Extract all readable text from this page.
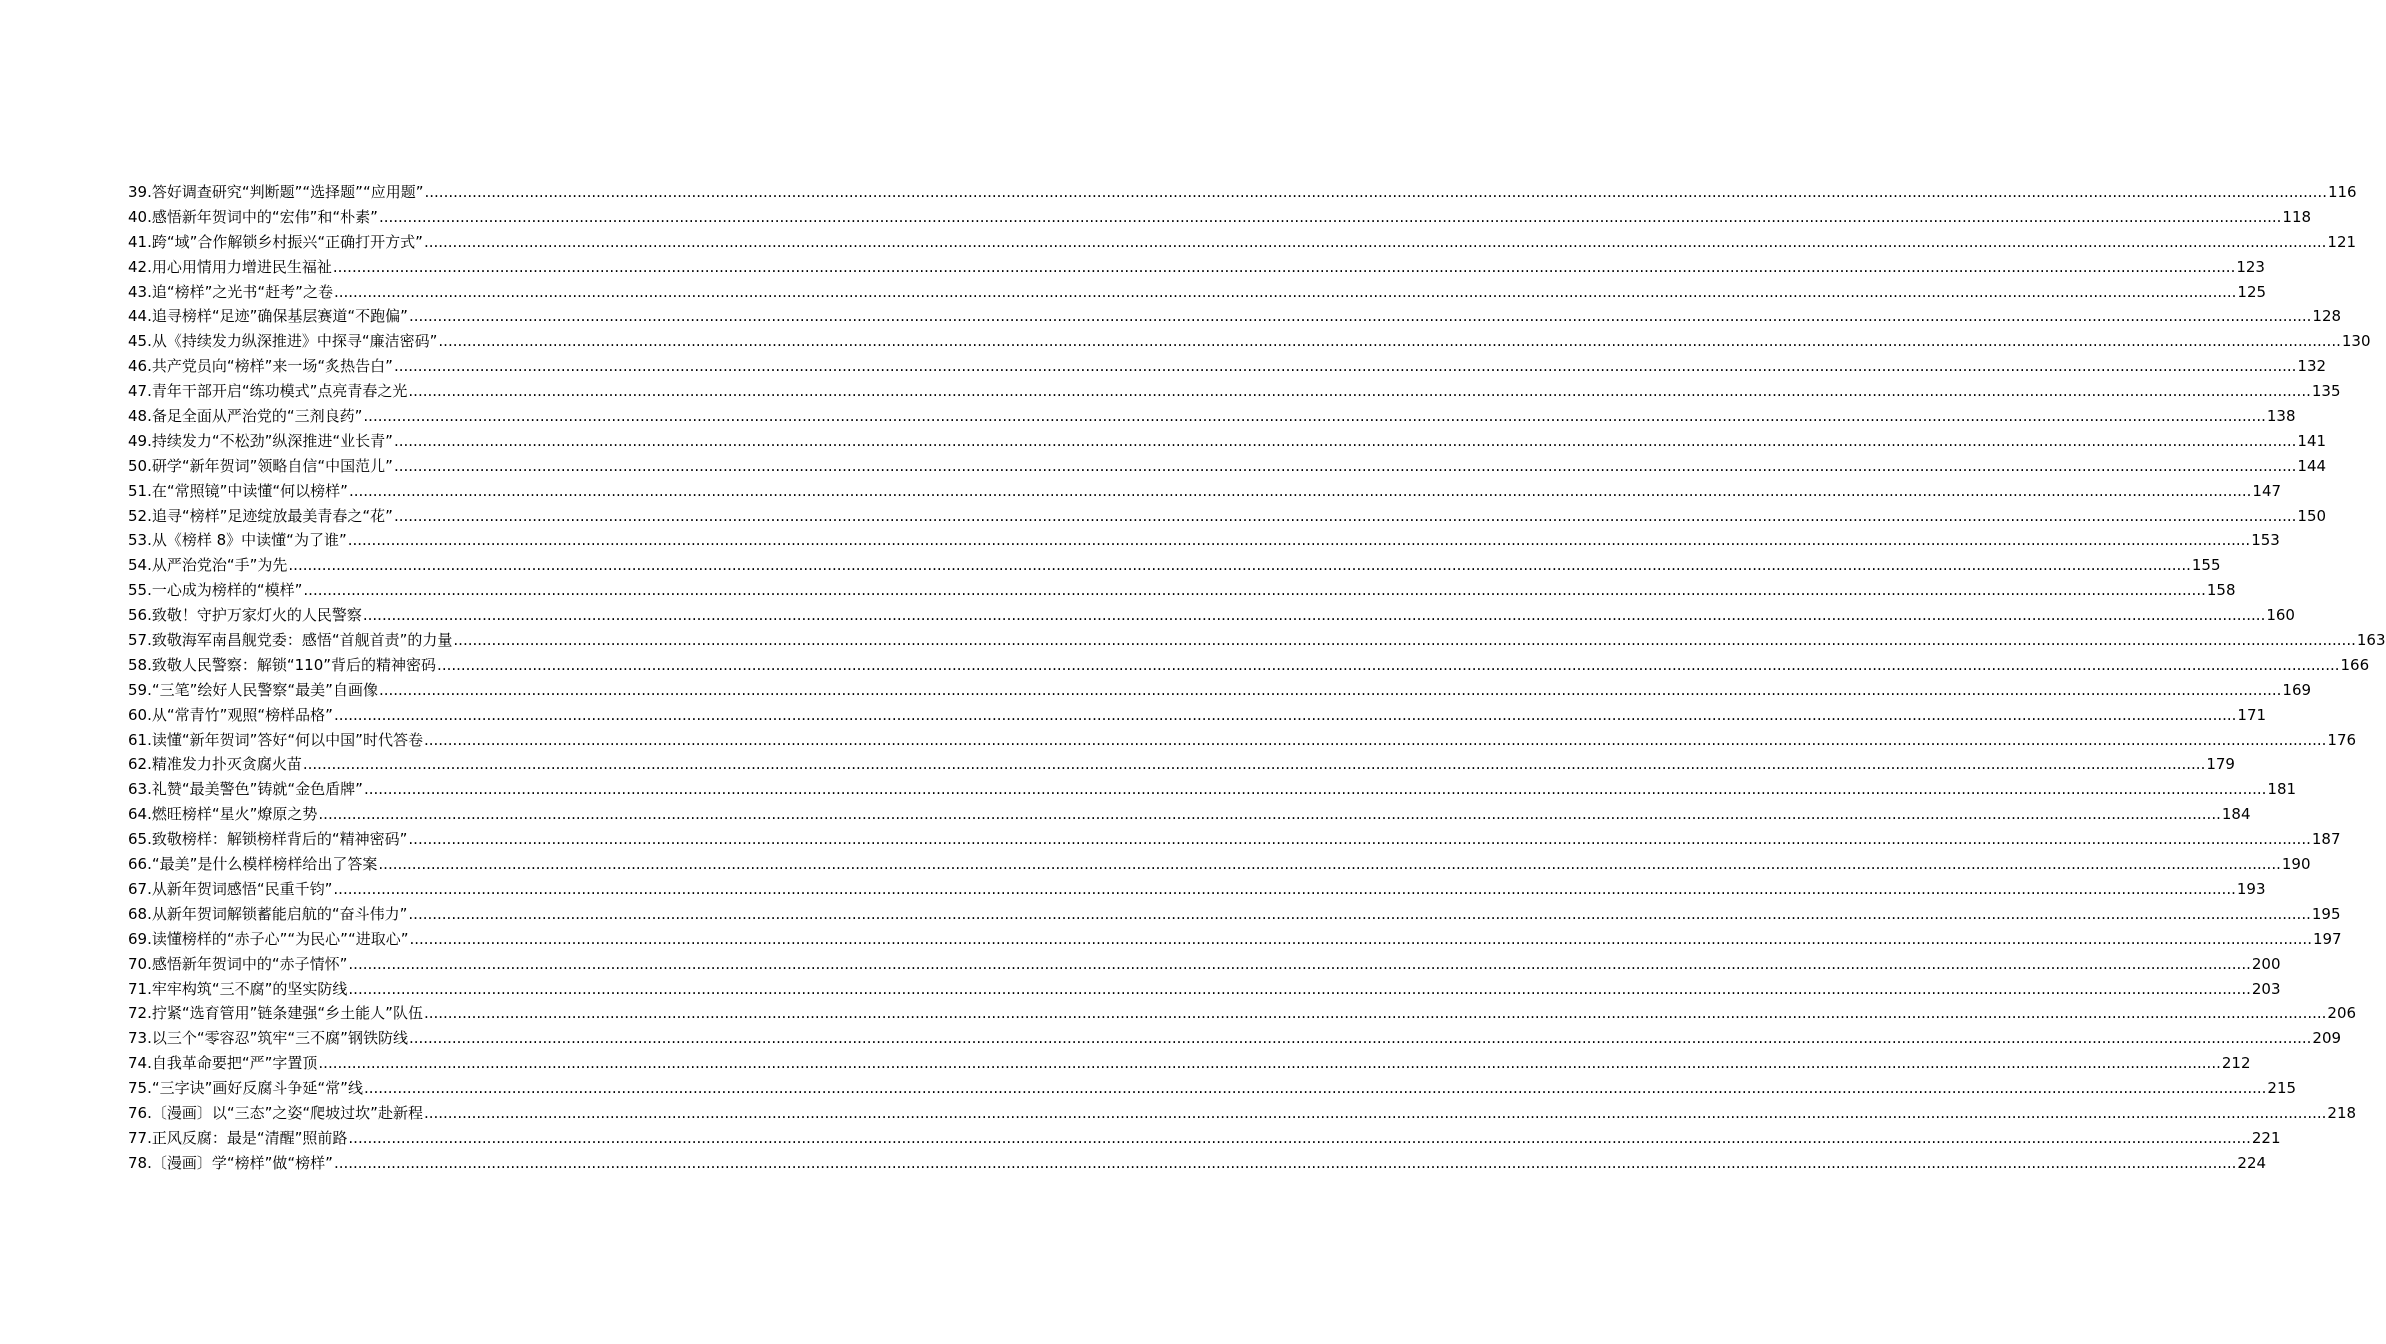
39. 答好调查研究“判断题”“选择题”“应用题” .....	116
40. 感悟新年贺词中的“宏伟”和“朴素” .....	118
41. 跨“域”合作解锁乡村振兴“正确打开方式” .....	121
42. 用心用情用力增进民生福祉 .....	123
43. 追“榜样”之光书“赶考”之卷 .....	125
44. 追寻榜样“足迹”确保基层赛道“不跑偏” .....	128
45. 从《持续发力纵深推进》中探寻“廉洁密码” .....	130
46. 共产党员向“榜样”来一场“炙热告白” .....	132
47. 青年干部开启“练功模式”点亮青春之光 .....	135
48. 备足全面从严治党的“三剂良药” .....	138
49. 持续发力“不松劲”纵深推进“业长青” .....	141
50. 研学“新年贺词”领略自信“中国范儿” .....	144
51. 在“常照镜”中读懂“何以榜样” .....	147
52. 追寻“榜样”足迹绽放最美青春之“花” .....	150
53. 从《榜样 8》中读懂“为了谁” .....	153
54. 从严治党治“手”为先 .....	155
55. 一心成为榜样的“模样” .....	158
56. 致敬！守护万家灯火的人民警察 .....	160
57. 致敬海军南昌舰党委：感悟“首舰首责”的力量 .....	163
58. 致敬人民警察：解锁“110”背后的精神密码 .....	166
59. “三笔”绘好人民警察“最美”自画像 .....	169
60. 从“常青竹”观照“榜样品格” .....	171
61. 读懂“新年贺词”答好“何以中国”时代答卷 .....	176
62. 精准发力扑灭贪腐火苗 .....	179
63. 礼赞“最美警色”铸就“金色盾牌” .....	181
64. 燃旺榜样“星火”燎原之势 .....	184
65. 致敬榜样：解锁榜样背后的“精神密码” .....	187
66. “最美”是什么模样榜样给出了答案 .....	190
67. 从新年贺词感悟“民重千钧” .....	193
68. 从新年贺词解锁蓄能启航的“奋斗伟力” .....	195
69. 读懂榜样的“赤子心”“为民心”“进取心” .....	197
70. 感悟新年贺词中的“赤子情怀” .....	200
71. 牢牢构筑“三不腐”的坚实防线 .....	203
72. 拧紧“选育管用”链条建强“乡土能人”队伍 .....	206
73. 以三个“零容忍”筑牢“三不腐”钢铁防线 .....	209
74. 自我革命要把“严”字置顶 .....	212
75. “三字诀”画好反腐斗争延“常”线 .....	215
76. 〔漫画〕以“三态”之姿“爬坡过坎”赴新程 .....	218
77. 正风反腐：最是“清醒”照前路 .....	221
78. 〔漫画〕学“榜样”做“榜样” .....	224
